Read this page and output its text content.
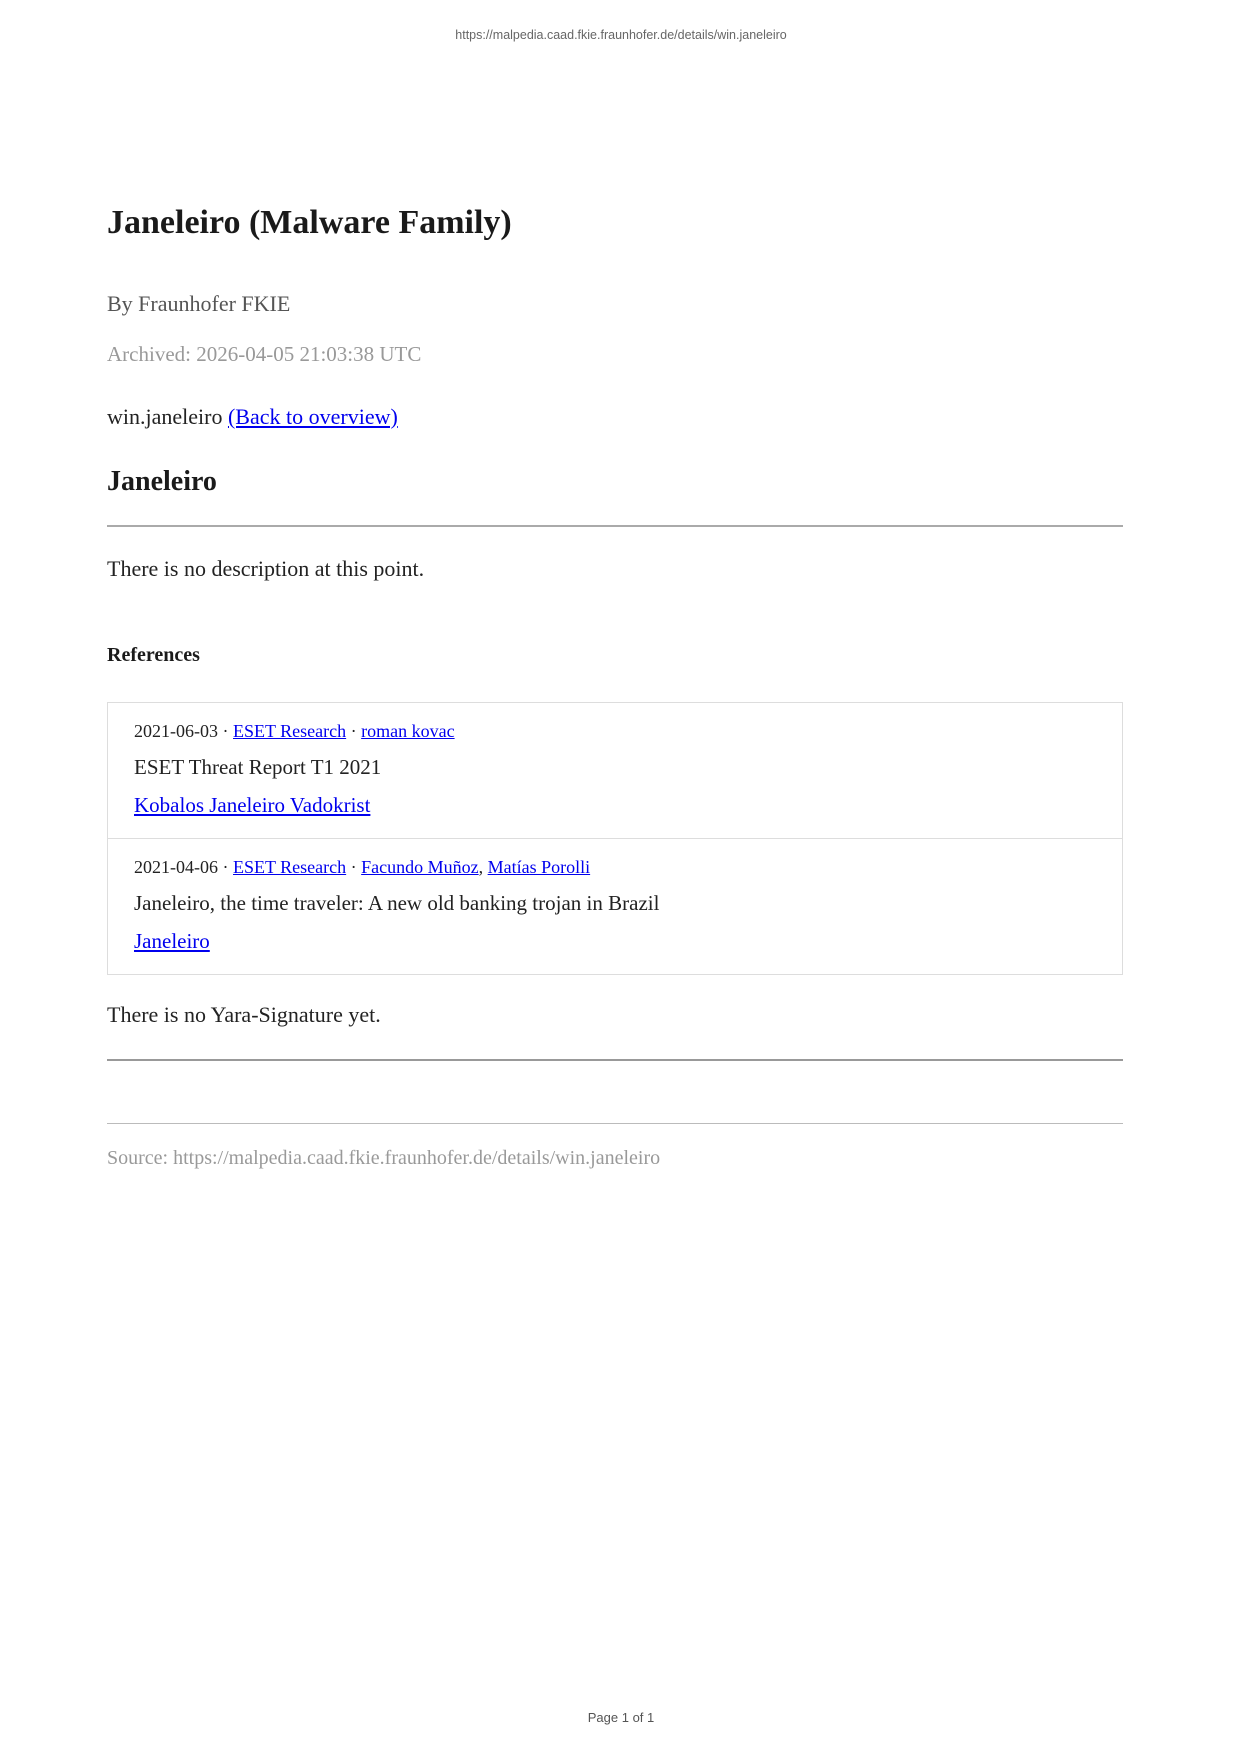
https://malpedia.caad.fkie.fraunhofer.de/details/win.janeleiro
Janeleiro (Malware Family)
By Fraunhofer FKIE
Archived: 2026-04-05 21:03:38 UTC
win.janeleiro (Back to overview)
Janeleiro
There is no description at this point.
References
2021-06-03 · ESET Research · roman kovac
ESET Threat Report T1 2021
Kobalos Janeleiro Vadokrist
2021-04-06 · ESET Research · Facundo Muñoz, Matías Porolli
Janeleiro, the time traveler: A new old banking trojan in Brazil
Janeleiro
There is no Yara-Signature yet.
Source: https://malpedia.caad.fkie.fraunhofer.de/details/win.janeleiro
Page 1 of 1
